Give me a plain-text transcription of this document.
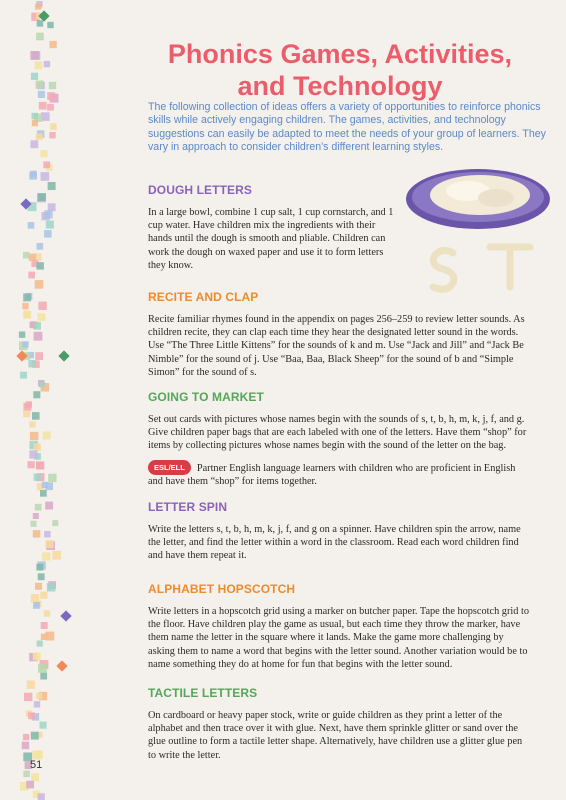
Phonics Games, Activities,
and Technology

The following collection of ideas offers a variety of opportunities to reinforce phonics skills while actively engaging children. The games, activities, and technology suggestions can easily be adapted to meet the needs of your group of learners. They vary in approach to consider children's different learning styles.

DOUGH LETTERS

In a large bowl, combine 1 cup salt, 1 cup cornstarch, and 1 cup water. Have children mix the ingredients with their hands until the dough is smooth and pliable. Children can work the dough on waxed paper and use it to form letters they know.

RECITE AND CLAP

Recite familiar rhymes found in the appendix on pages 256–259 to review letter sounds. As children recite, they can clap each time they hear the designated letter sound in the words. Use “The Three Little Kittens” for the sounds of k and m. Use “Jack and Jill” and “Jack Be Nimble” for the sound of j. Use “Baa, Baa, Black Sheep” for the sound of b and “Simple Simon” for the sound of s.

GOING TO MARKET

Set out cards with pictures whose names begin with the sounds of s, t, b, h, m, k, j, f, and g. Give children paper bags that are each labeled with one of the letters. Have them “shop” for items by collecting pictures whose names begin with the sound of the letter on the bag.

ESL/ELL Partner English language learners with children who are proficient in English and have them “shop” for items together.

LETTER SPIN

Write the letters s, t, b, h, m, k, j, f, and g on a spinner. Have children spin the arrow, name the letter, and find the letter within a word in the classroom. Read each word children find and have them repeat it.

ALPHABET HOPSCOTCH

Write letters in a hopscotch grid using a marker on butcher paper. Tape the hopscotch grid to the floor. Have children play the game as usual, but each time they throw the marker, have them name the letter in the square where it lands. Make the game more challenging by asking them to name a word that begins with the letter sound. Another variation would be to name something they do at home for fun that begins with the letter sound.

TACTILE LETTERS

On cardboard or heavy paper stock, write or guide children as they print a letter of the alphabet and then trace over it with glue. Next, have them sprinkle glitter or sand over the glue outline to form a tactile letter shape. Alternatively, have children use a glitter glue pen to write the letter.

51
